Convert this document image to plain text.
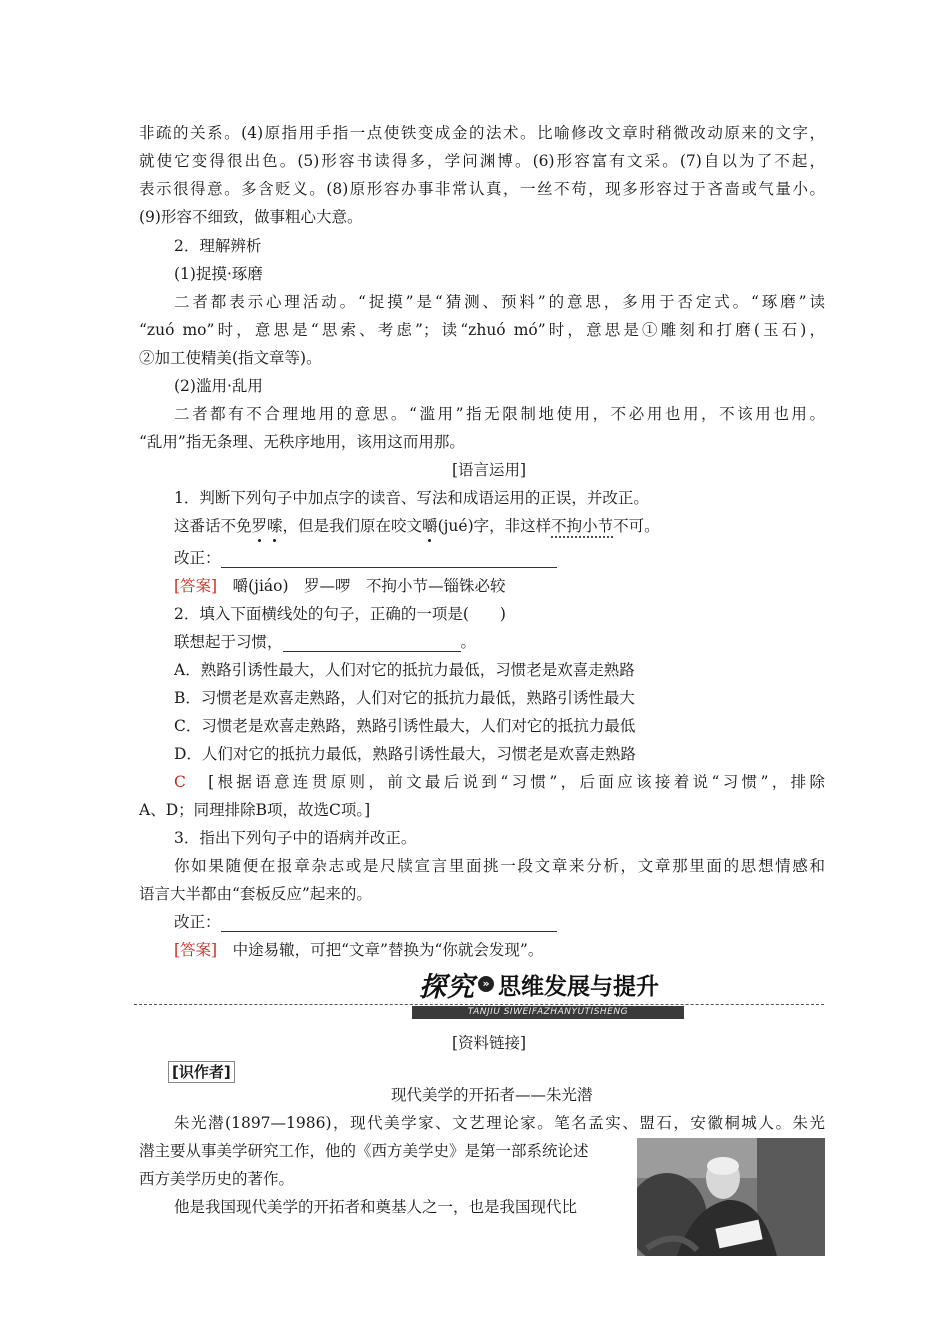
非疏的关系。(4)原指用手指一点使铁变成金的法术。比喻修改文章时稍微改动原来的文字，
就使它变得很出色。(5)形容书读得多，学问渊博。(6)形容富有文采。(7)自以为了不起，
表示很得意。多含贬义。(8)原形容办事非常认真，一丝不苟，现多形容过于吝啬或气量小。
(9)形容不细致，做事粗心大意。
2．理解辨析
(1)捉摸·琢磨
二者都表示心理活动。“捉摸”是“猜测、预料”的意思，多用于否定式。“琢磨”读
“zuó mo”时，意思是“思索、考虑”；读“zhuó mó”时，意思是①雕刻和打磨(玉石)，
②加工使精美(指文章等)。
(2)滥用·乱用
二者都有不合理地用的意思。“滥用”指无限制地使用，不必用也用，不该用也用。
“乱用”指无条理、无秩序地用，该用这而用那。
[语言运用]
1．判断下列句子中加点字的读音、写法和成语运用的正误，并改正。
这番话不免罗嗦，但是我们原在咬文嚼(jué)字，非这样不拘小节不可。
改正：
[答案]　 嚼(jiáo)　罗—啰　不拘小节—锱铢必较
2．填入下面横线处的句子，正确的一项是(　　)
联想起于习惯，	。
A．熟路引诱性最大，人们对它的抵抗力最低，习惯老是欢喜走熟路
B．习惯老是欢喜走熟路，人们对它的抵抗力最低，熟路引诱性最大
C．习惯老是欢喜走熟路，熟路引诱性最大，人们对它的抵抗力最低
D．人们对它的抵抗力最低，熟路引诱性最大，习惯老是欢喜走熟路
C　 [根据语意连贯原则，前文最后说到“习惯”，后面应该接着说“习惯”，排除
A、D；同理排除B项，故选C项。]
3．指出下列句子中的语病并改正。
你如果随便在报章杂志或是尺牍宣言里面挑一段文章来分析，文章那里面的思想情感和
语言大半都由“套板反应”起来的。
改正：
[答案]　 中途易辙，可把“文章”替换为“你就会发现”。
探究 » 思维发展与提升
TANJIU SIWEIFAZHANYUTISHENG
[资料链接]
[识作者]
现代美学的开拓者——朱光潜
朱光潜(1897—1986)，现代美学家、文艺理论家。笔名孟实、盟石，安徽桐城人。朱光
潜主要从事美学研究工作，他的《西方美学史》是第一部系统论述
西方美学历史的著作。
他是我国现代美学的开拓者和奠基人之一，也是我国现代比
